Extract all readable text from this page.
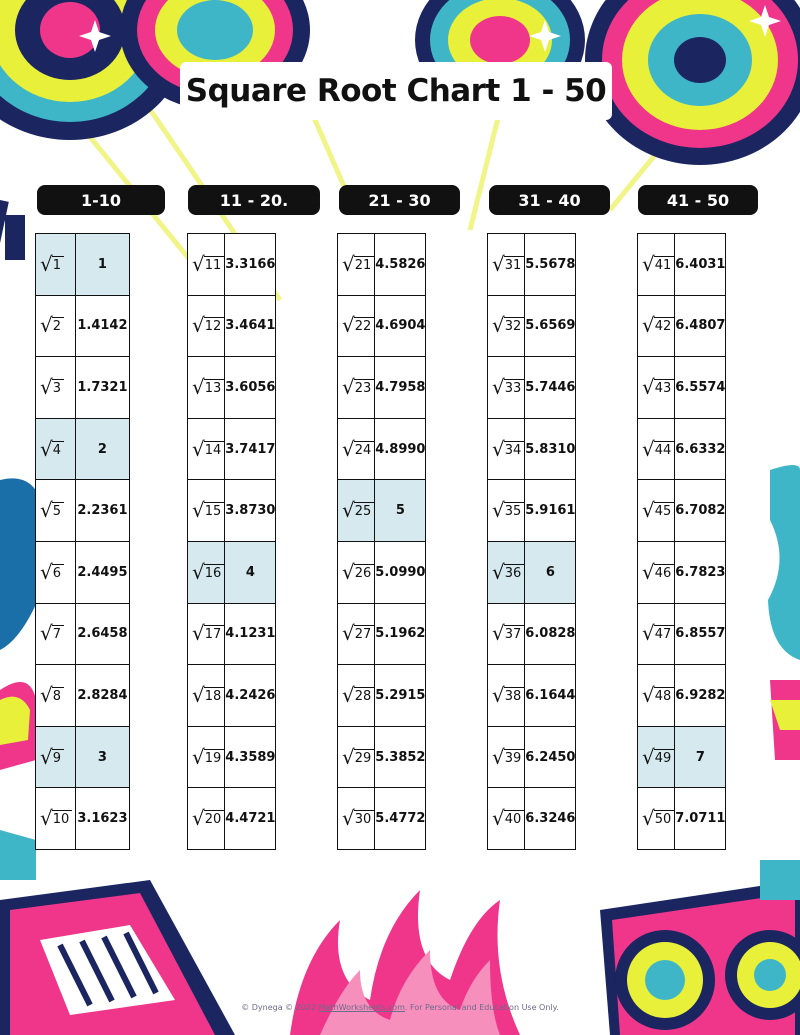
Square Root Chart 1 - 50
1-10
√ 1	1

√ 2	1.4142

√ 3	1.7321

√ 4	2

√ 5	2.2361

√ 6	2.4495

√ 7	2.6458

√ 8	2.8284

√ 9	3

√ 10	3.1623
11 - 20.
√ 11	3.3166

√ 12	3.4641

√ 13	3.6056

√ 14	3.7417

√ 15	3.8730

√ 16	4

√ 17	4.1231

√ 18	4.2426

√ 19	4.3589

√ 20	4.4721
21 - 30
√ 21	4.5826

√ 22	4.6904

√ 23	4.7958

√ 24	4.8990

√ 25	5

√ 26	5.0990

√ 27	5.1962

√ 28	5.2915

√ 29	5.3852

√ 30	5.4772
31 - 40
√ 31	5.5678

√ 32	5.6569

√ 33	5.7446

√ 34	5.8310

√ 35	5.9161

√ 36	6

√ 37	6.0828

√ 38	6.1644

√ 39	6.2450

√ 40	6.3246
41 - 50
√ 41	6.4031

√ 42	6.4807

√ 43	6.5574

√ 44	6.6332

√ 45	6.7082

√ 46	6.7823

√ 47	6.8557

√ 48	6.9282

√ 49	7

√ 50	7.0711
© Dynega © 2022 MathWorksheets.com. For Personal and Education Use Only.
